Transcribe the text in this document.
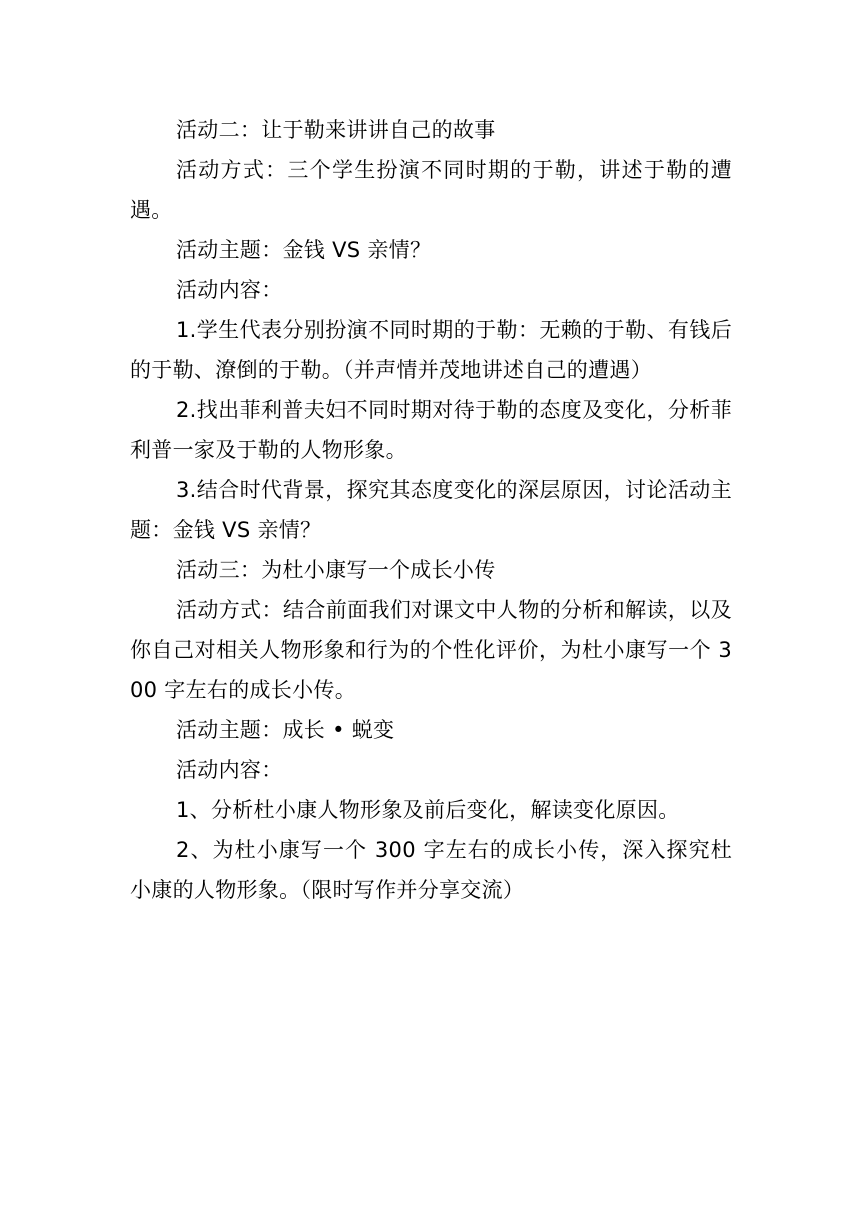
活动二：让于勒来讲讲自己的故事

活动方式：三个学生扮演不同时期的于勒，讲述于勒的遭遇。

活动主题：金钱 VS 亲情？

活动内容：

1.学生代表分别扮演不同时期的于勒：无赖的于勒、有钱后的于勒、潦倒的于勒。（并声情并茂地讲述自己的遭遇）

2.找出菲利普夫妇不同时期对待于勒的态度及变化，分析菲利普一家及于勒的人物形象。

3.结合时代背景，探究其态度变化的深层原因，讨论活动主题：金钱 VS 亲情？

活动三：为杜小康写一个成长小传

活动方式：结合前面我们对课文中人物的分析和解读，以及你自己对相关人物形象和行为的个性化评价，为杜小康写一个 300 字左右的成长小传。

活动主题：成长 • 蜕变

活动内容：

1、分析杜小康人物形象及前后变化，解读变化原因。

2、为杜小康写一个 300 字左右的成长小传，深入探究杜小康的人物形象。（限时写作并分享交流）
